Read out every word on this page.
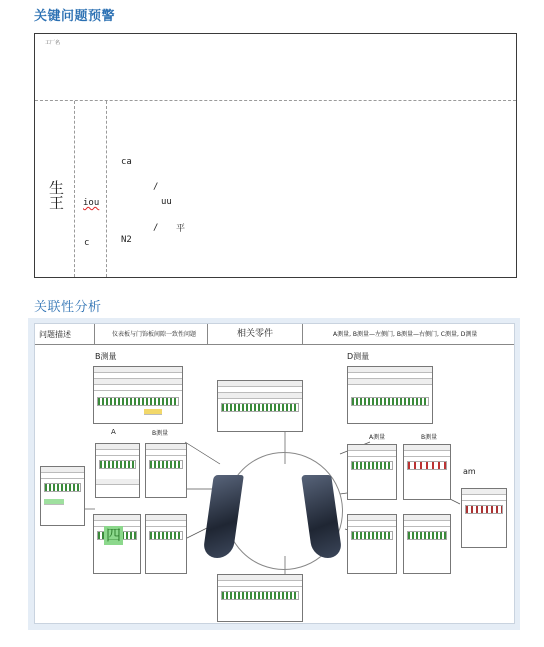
关键问题预警
工厂名
生王
ca
/
uu
iou
/ 平
N2
c
关联性分析
问题描述	仪表板与门饰板间隙一致性问题	相关零件	A测量, B测量—左侧门, B测量—右侧门, C测量, D测量
B测量	D测量
A	B测量
A测量	B测量
am
四
